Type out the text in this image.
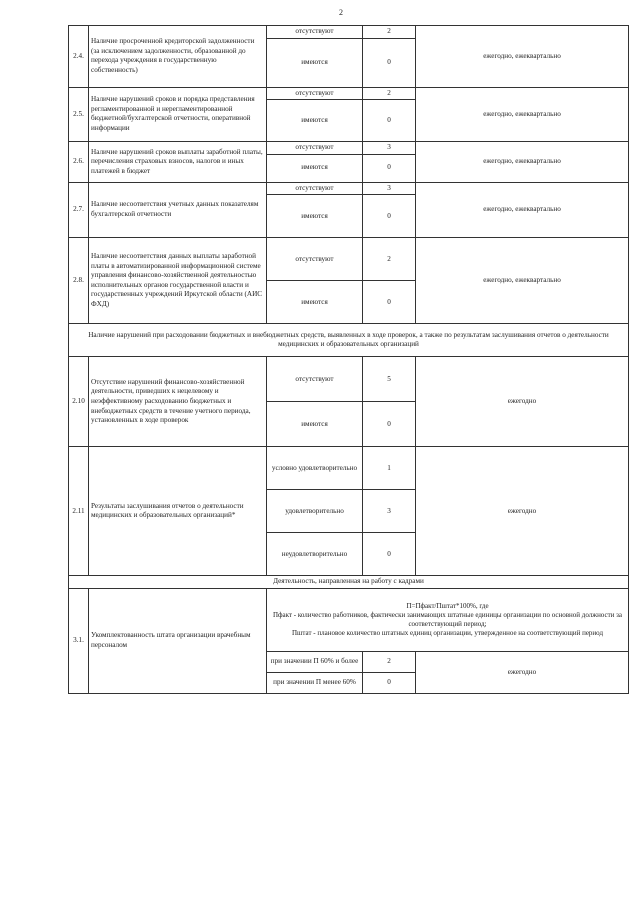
2
2.4.	Наличие просроченной кредиторской задолженности (за исключением задолженности, образованной до перехода учреждения в государственную собственность)	отсутствуют	2	ежегодно, ежеквартально
		имеются	0	
2.5.	Наличие нарушений сроков и порядка представления регламентированной и нерегламентированной бюджетной/бухгалтерской отчетности, оперативной информации	отсутствуют	2	ежегодно, ежеквартально
		имеются	0	
2.6.	Наличие нарушений сроков выплаты заработной платы, перечисления страховых взносов, налогов и иных платежей в бюджет	отсутствуют	3	ежегодно, ежеквартально
		имеются	0	
2.7.	Наличие несоответствия учетных данных показателям бухгалтерской отчетности	отсутствуют	3	ежегодно, ежеквартально
		имеются	0	
2.8.	Наличие несоответствия данных выплаты заработной платы в автоматизированной информационной системе управления финансово-хозяйственной деятельностью исполнительных органов государственной власти и государственных учреждений Иркутской области (АИС ФХД)	отсутствуют	2	ежегодно, ежеквартально
		имеются	0	
Наличие нарушений при расходовании бюджетных и внебюджетных средств, выявленных в ходе проверок, а также по результатам заслушивания отчетов о деятельности медицинских и образовательных организаций				
2.10	Отсутствие нарушений финансово-хозяйственной деятельности, приведших к нецелевому и неэффективному расходованию бюджетных и внебюджетных средств в течение учетного периода, установленных в ходе проверок	отсутствуют	5	ежегодно
		имеются	0	
2.11	Результаты заслушивания отчетов о деятельности медицинских и образовательных организаций*	условно удовлетворительно	1	ежегодно
		удовлетворительно	3	
		неудовлетворительно	0	
Деятельность, направленная на работу с кадрами				
3.1.	Укомплектованность штата организации врачебным персоналом	П=Пфакт/Пштат*100%, где
Пфакт - количество работников, фактически занимающих штатные единицы организации по основной должности за соответствующий период;
Пштат - плановое количество штатных единиц организации, утвержденное на соответствующий период		

		при значении П 60% и более	2	ежегодно
		при значении П менее 60%	0	
